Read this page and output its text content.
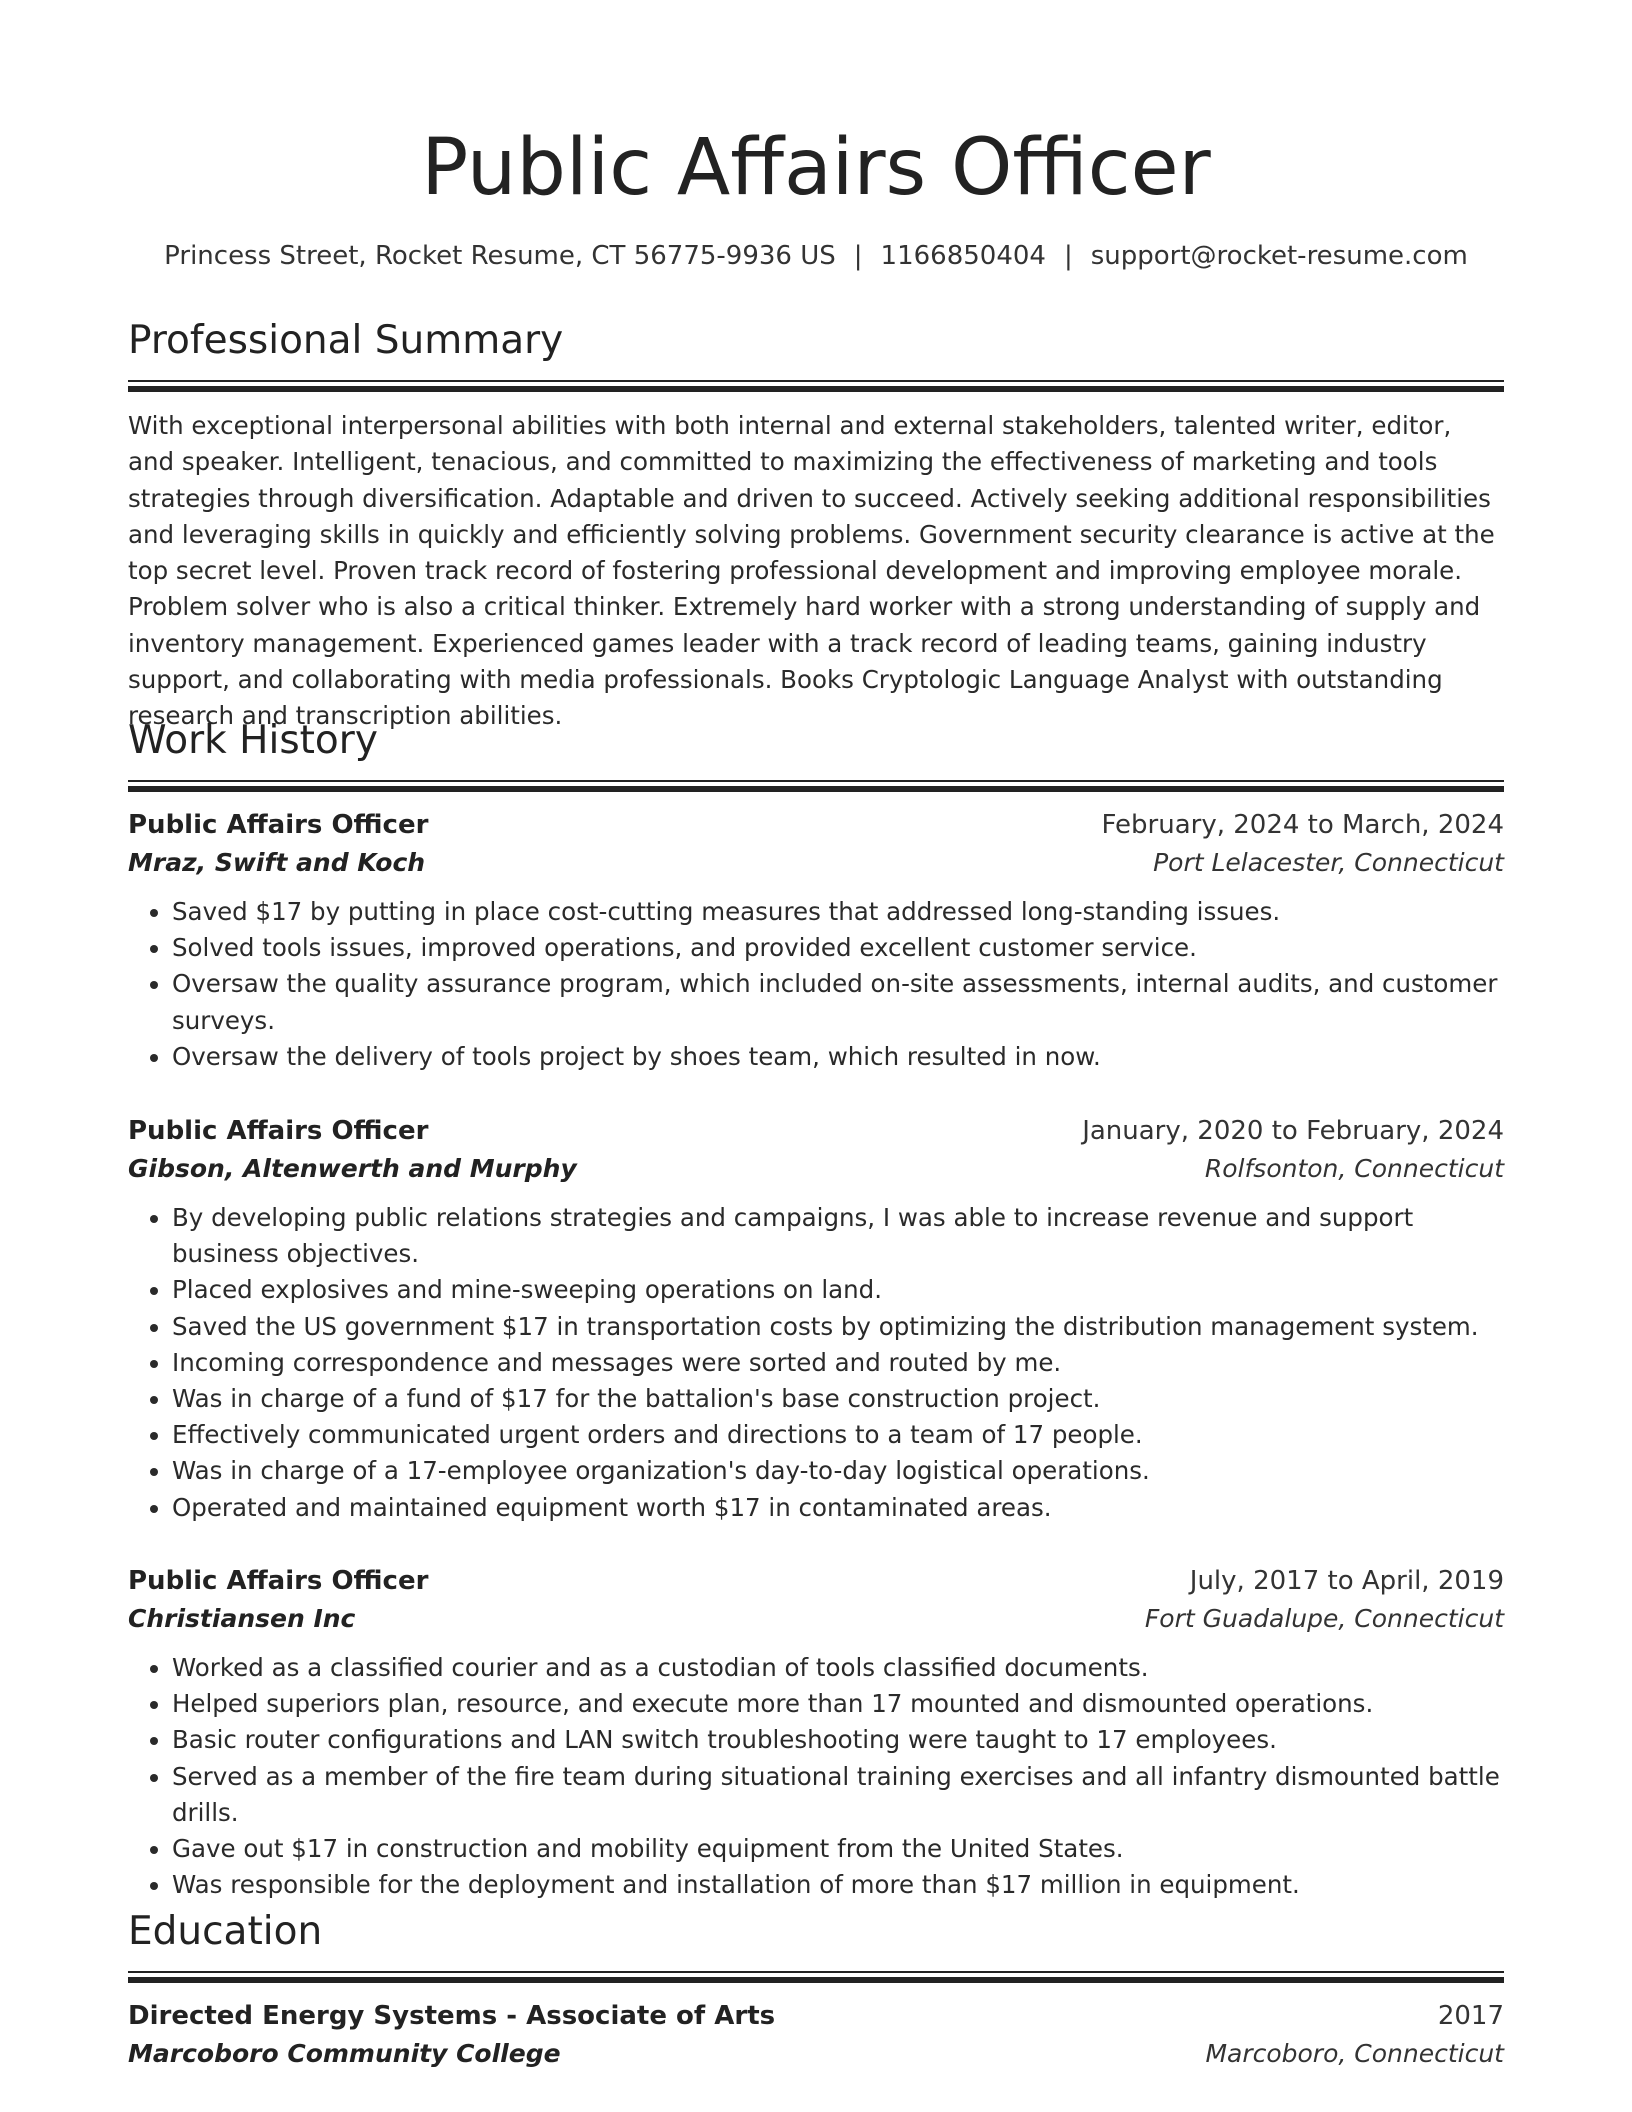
Public Affairs Officer
Princess Street, Rocket Resume, CT 56775-9936 US | 1166850404 | support@rocket-resume.com
Professional Summary
With exceptional interpersonal abilities with both internal and external stakeholders, talented writer, editor, and speaker. Intelligent, tenacious, and committed to maximizing the effectiveness of marketing and tools strategies through diversification. Adaptable and driven to succeed. Actively seeking additional responsibilities and leveraging skills in quickly and efficiently solving problems. Government security clearance is active at the top secret level. Proven track record of fostering professional development and improving employee morale. Problem solver who is also a critical thinker. Extremely hard worker with a strong understanding of supply and inventory management. Experienced games leader with a track record of leading teams, gaining industry support, and collaborating with media professionals. Books Cryptologic Language Analyst with outstanding research and transcription abilities.
Work History
Public Affairs Officer	February, 2024 to March, 2024
Mraz, Swift and Koch	Port Lelacester, Connecticut
• Saved $17 by putting in place cost-cutting measures that addressed long-standing issues.
• Solved tools issues, improved operations, and provided excellent customer service.
• Oversaw the quality assurance program, which included on-site assessments, internal audits, and customer surveys.
• Oversaw the delivery of tools project by shoes team, which resulted in now.
Public Affairs Officer	January, 2020 to February, 2024
Gibson, Altenwerth and Murphy	Rolfsonton, Connecticut
• By developing public relations strategies and campaigns, I was able to increase revenue and support business objectives.
• Placed explosives and mine-sweeping operations on land.
• Saved the US government $17 in transportation costs by optimizing the distribution management system.
• Incoming correspondence and messages were sorted and routed by me.
• Was in charge of a fund of $17 for the battalion's base construction project.
• Effectively communicated urgent orders and directions to a team of 17 people.
• Was in charge of a 17-employee organization's day-to-day logistical operations.
• Operated and maintained equipment worth $17 in contaminated areas.
Public Affairs Officer	July, 2017 to April, 2019
Christiansen Inc	Fort Guadalupe, Connecticut
• Worked as a classified courier and as a custodian of tools classified documents.
• Helped superiors plan, resource, and execute more than 17 mounted and dismounted operations.
• Basic router configurations and LAN switch troubleshooting were taught to 17 employees.
• Served as a member of the fire team during situational training exercises and all infantry dismounted battle drills.
• Gave out $17 in construction and mobility equipment from the United States.
• Was responsible for the deployment and installation of more than $17 million in equipment.
Education
Directed Energy Systems - Associate of Arts	2017
Marcoboro Community College	Marcoboro, Connecticut
